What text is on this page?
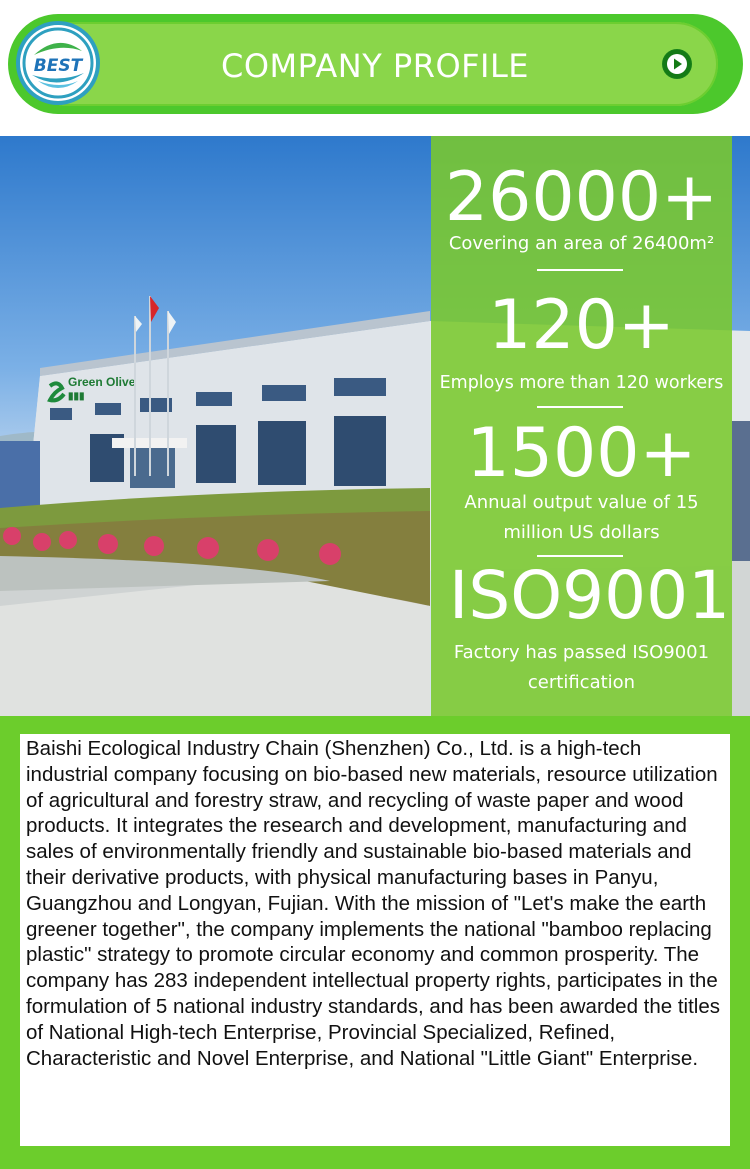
COMPANY PROFILE
BEST
Green Olive
▮▮▮
26000+
Covering an area of 26400m²
120+
Employs more than 120 workers
1500+
Annual output value of 15
million US dollars
ISO9001
Factory has passed ISO9001
certification

Baishi Ecological Industry Chain (Shenzhen) Co., Ltd. is a high-tech industrial company focusing on bio-based new materials, resource utilization of agricultural and forestry straw, and recycling of waste paper and wood products. It integrates the research and development, manufacturing and sales of environmentally friendly and sustainable bio-based materials and their derivative products, with physical manufacturing bases in Panyu, Guangzhou and Longyan, Fujian. With the mission of "Let's make the earth greener together", the company implements the national "bamboo replacing plastic" strategy to promote circular economy and common prosperity. The company has 283 independent intellectual property rights, participates in the formulation of 5 national industry standards, and has been awarded the titles of National High-tech Enterprise, Provincial Specialized, Refined, Characteristic and Novel Enterprise, and National "Little Giant" Enterprise.
